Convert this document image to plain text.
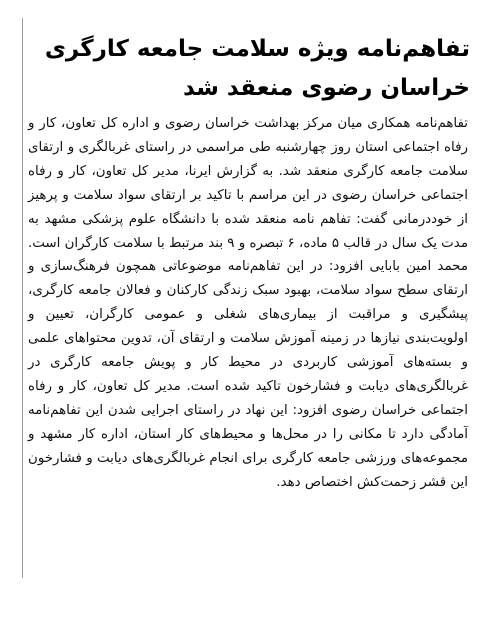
تفاهم‌نامه ویژه سلامت جامعه کارگری خراسان رضوی منعقد شد

تفاهم‌نامه همکاری میان مرکز بهداشت خراسان رضوی و اداره کل تعاون، کار و رفاه اجتماعی استان روز چهارشنبه طی مراسمی در راستای غربالگری و ارتقای سلامت جامعه کارگری منعقد شد. به گزارش ایرنا، مدیر کل تعاون، کار و رفاه اجتماعی خراسان رضوی در این مراسم با تاکید بر ارتقای سواد سلامت و پرهیز از خوددرمانی گفت: تفاهم نامه منعقد شده با دانشگاه علوم پزشکی مشهد به مدت یک سال در قالب ۵ ماده، ۶ تبصره و ۹ بند مرتبط با سلامت کارگران است. محمد امین بابایی افزود: در این تفاهم‌نامه موضوعاتی همچون فرهنگ‌سازی و ارتقای سطح سواد سلامت، بهبود سبک زندگی کارکنان و فعالان جامعه کارگری، پیشگیری و مراقبت از بیماری‌های شغلی و عمومی کارگران، تعیین و اولویت‌بندی نیازها در زمینه آموزش سلامت و ارتقای آن، تدوین محتواهای علمی و بسته‌های آموزشی کاربردی در محیط کار و پویش جامعه کارگری در غربالگری‌های دیابت و فشارخون تاکید شده است. مدیر کل تعاون، کار و رفاه اجتماعی خراسان رضوی افزود: این نهاد در راستای اجرایی شدن این تفاهم‌نامه آمادگی دارد تا مکانی را در محل‌ها و محیط‌های کار استان، اداره کار مشهد و مجموعه‌های ورزشی جامعه کارگری برای انجام غربالگری‌های دیابت و فشارخون این قشر زحمت‌کش اختصاص دهد.
